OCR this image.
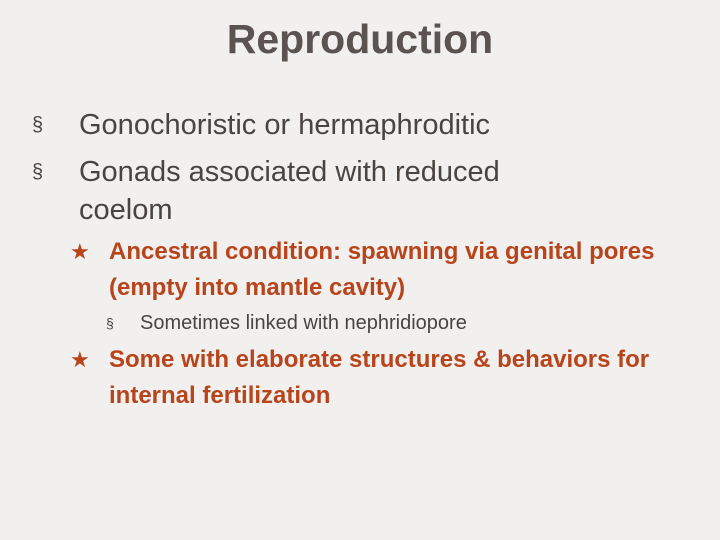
Reproduction
§ Gonochoristic or hermaphroditic
§ Gonads associated with reduced coelom
★ Ancestral condition: spawning via genital pores (empty into mantle cavity)
§ Sometimes linked with nephridiopore
★ Some with elaborate structures & behaviors for internal fertilization
